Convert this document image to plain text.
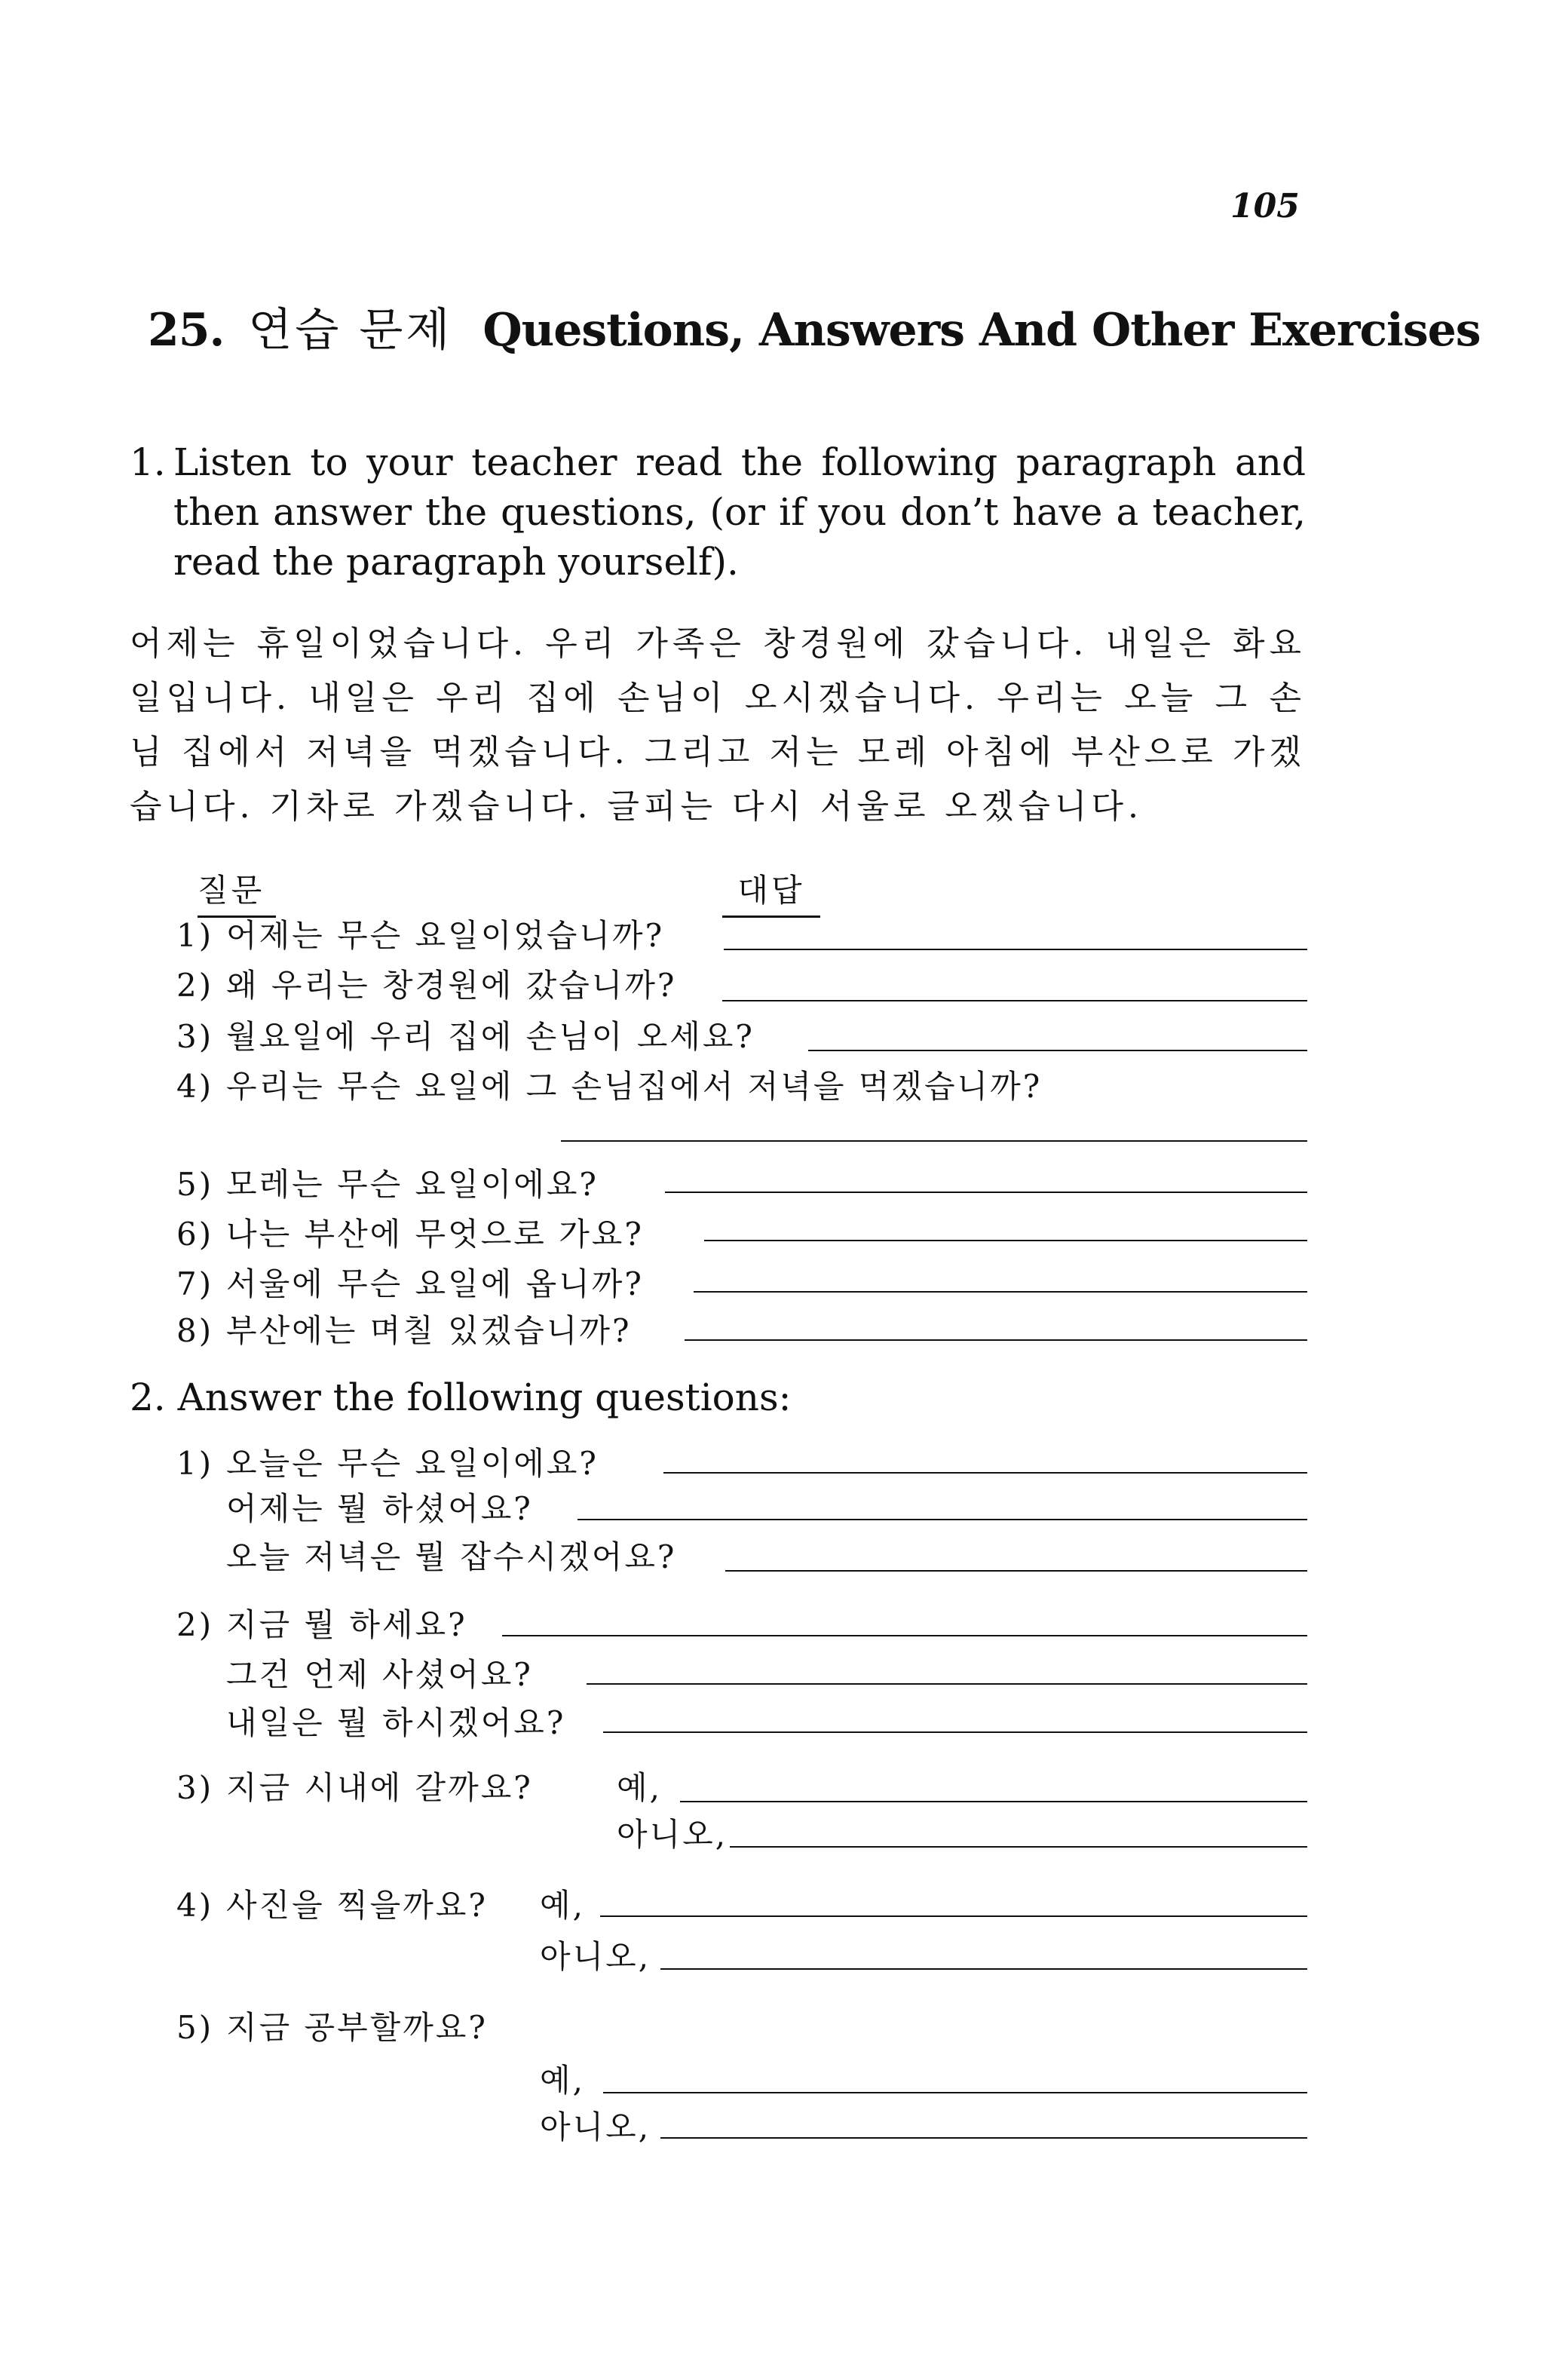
105
25. 연습 문제 Questions, Answers And Other Exercises
1. Listen to your teacher read the following paragraph and then answer the questions, (or if you don’t have a teacher, read the paragraph yourself).
어제는 휴일이었습니다. 우리 가족은 창경원에 갔습니다. 내일은 화요일입니다. 내일은 우리 집에 손님이 오시겠습니다. 우리는 오늘 그 손님 집에서 저녁을 먹겠습니다. 그리고 저는 모레 아침에 부산으로 가겠습니다. 기차로 가겠습니다. 글피는 다시 서울로 오겠습니다.
질문	대답
1) 어제는 무슨 요일이었습니까?
2) 왜 우리는 창경원에 갔습니까?
3) 월요일에 우리 집에 손님이 오세요?
4) 우리는 무슨 요일에 그 손님집에서 저녁을 먹겠습니까?
5) 모레는 무슨 요일이에요?
6) 나는 부산에 무엇으로 가요?
7) 서울에 무슨 요일에 옵니까?
8) 부산에는 며칠 있겠습니까?
2. Answer the following questions:
1) 오늘은 무슨 요일이에요?
어제는 뭘 하셨어요?
오늘 저녁은 뭘 잡수시겠어요?
2) 지금 뭘 하세요?
그건 언제 사셨어요?
내일은 뭘 하시겠어요?
3) 지금 시내에 갈까요?	예,
아니오,
4) 사진을 찍을까요? 예,
아니오,
5) 지금 공부할까요?
예,
아니오,
